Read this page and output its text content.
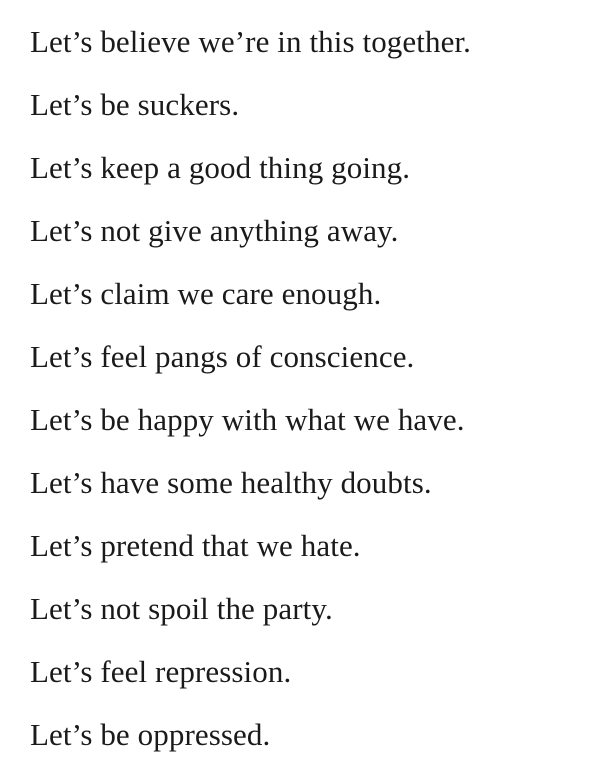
Let’s believe we’re in this together.
Let’s be suckers.
Let’s keep a good thing going.
Let’s not give anything away.
Let’s claim we care enough.
Let’s feel pangs of conscience.
Let’s be happy with what we have.
Let’s have some healthy doubts.
Let’s pretend that we hate.
Let’s not spoil the party.
Let’s feel repression.
Let’s be oppressed.
